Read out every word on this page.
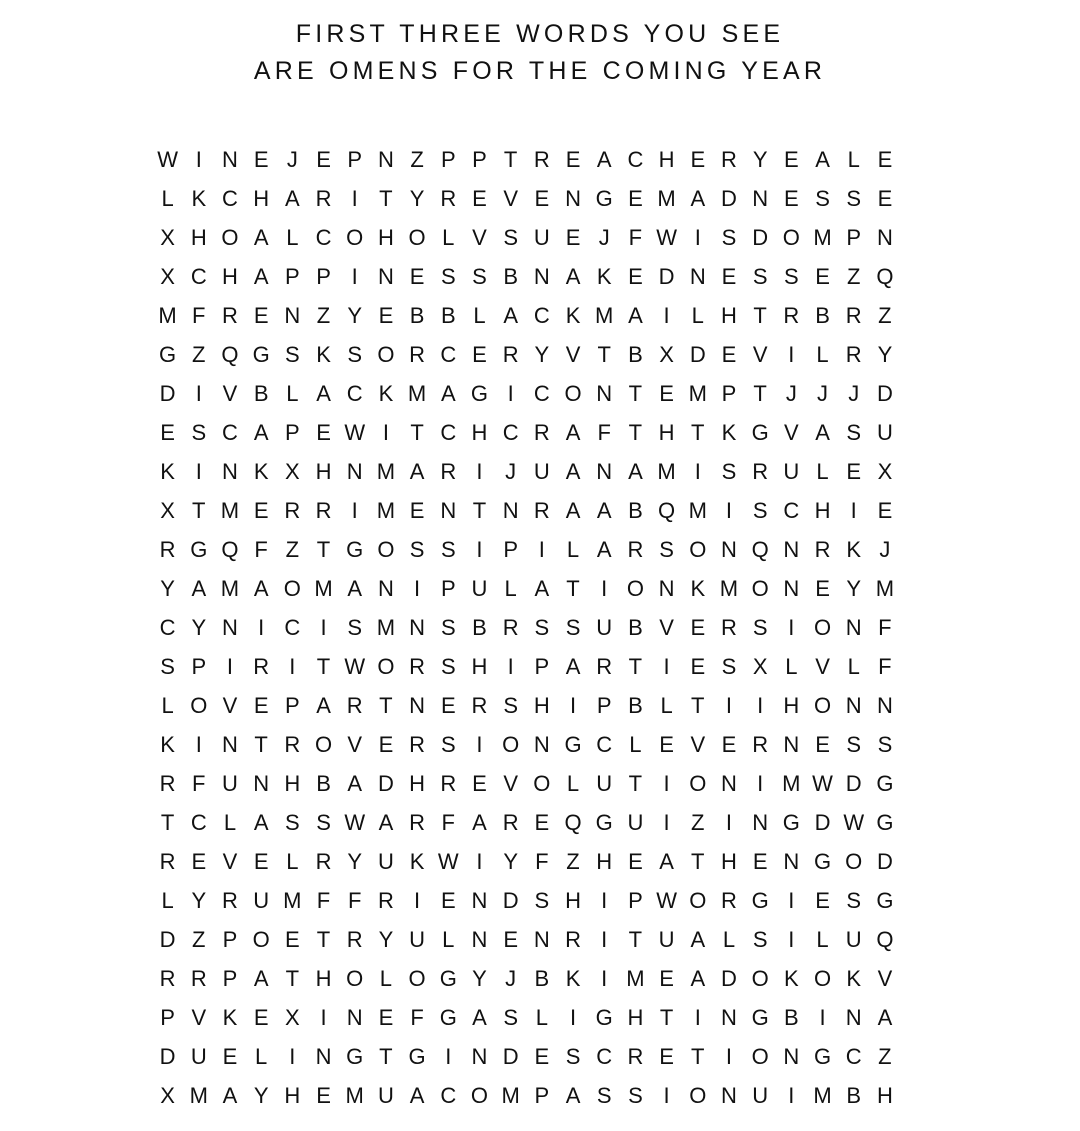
FIRST THREE WORDS YOU SEE
ARE OMENS FOR THE COMING YEAR
W I N E J E P N Z P P T R E A C H E R Y E A L E
L K C H A R I T Y R E V E N G E M A D N E S S E
X H O A L C O H O L V S U E J F W I S D O M P N
X C H A P P I N E S S B N A K E D N E S S E Z Q
M F R E N Z Y E B B L A C K M A I	L H T R B R Z
G Z Q G S K S O R C E R Y V T B X D E V I	L R Y
D I V B L A C K M A G I C O N T E M P T J J J D
E S C A P E W I T C H C R A F T H T K G V A S U
K I N K X H N M A R I	J U A N A M I S R U L E X
X T M E R R I M E N T N R A A B Q M I S C H I E
R G Q F Z T G O S S I P I	L A R S O N Q N R K J
Y A M A O M A N I P U L A T I O N K M O N E Y M
C Y N I C I S M N S B R S S U B V E R S I O N F
S P I R I T W O R S H I P A R T I E S X L V L F
L O V E P A R T N E R S H I P B L T I	I H O N N
K I N T R O V E R S I O N G C L E V E R N E S S
R F U N H B A D H R E V O L U T I O N I M W D G
T C L A S S W A R F A R E Q G U I Z I N G D W G
R E V E L R Y U K W I Y F Z H E A T H E N G O D
L Y R U M F F R I E N D S H I P W O R G I E S G
D Z P O E T R Y U L N E N R I T U A L S I	L U Q
R R P A T H O L O G Y J B K I M E A D O K O K V
P V K E X I N E F G A S L	I G H T I N G B I N A
D U E L	I N G T G I N D E S C R E T I O N G C Z
X M A Y H E M U A C O M P A S S I O N U I M B H
